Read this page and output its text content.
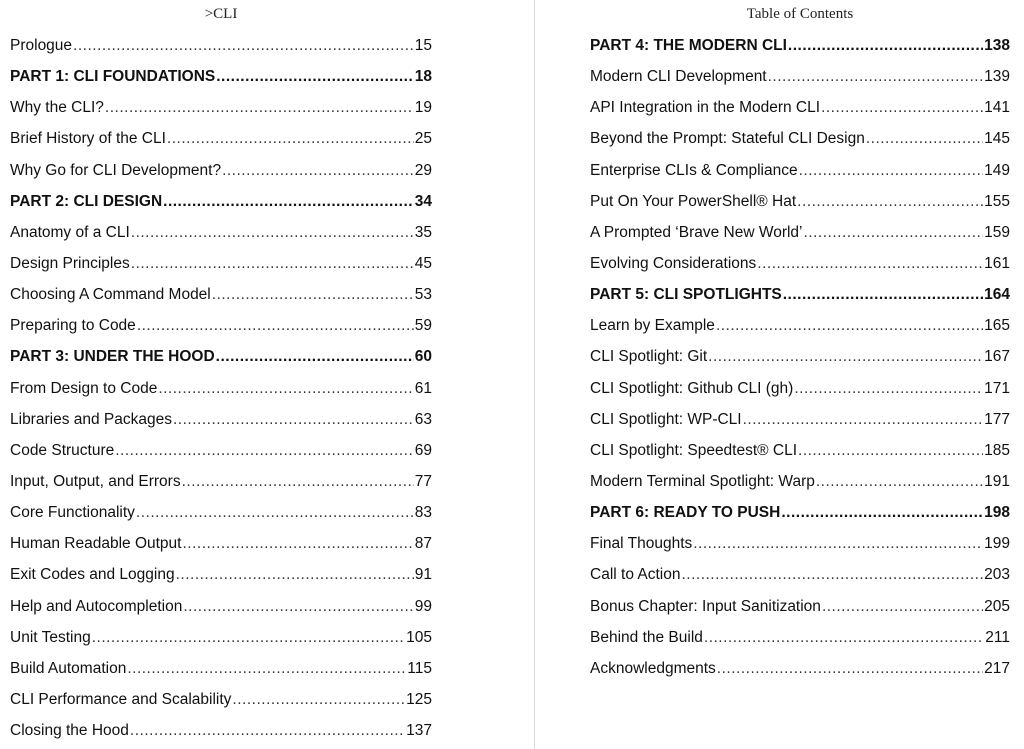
>CLI
Prologue .....	15
PART 1: CLI FOUNDATIONS .....	18
Why the CLI? .....	19
Brief History of the CLI .....	25
Why Go for CLI Development? .....	29
PART 2: CLI DESIGN .....	34
Anatomy of a CLI .....	35
Design Principles .....	45
Choosing A Command Model .....	53
Preparing to Code .....	59
PART 3: UNDER THE HOOD .....	60
From Design to Code .....	61
Libraries and Packages .....	63
Code Structure .....	69
Input, Output, and Errors .....	77
Core Functionality .....	83
Human Readable Output .....	87
Exit Codes and Logging .....	91
Help and Autocompletion .....	99
Unit Testing .....	105
Build Automation .....	115
CLI Performance and Scalability .....	125
Closing the Hood .....	137
Table of Contents
PART 4: THE MODERN CLI .....	138
Modern CLI Development .....	139
API Integration in the Modern CLI .....	141
Beyond the Prompt: Stateful CLI Design .....	145
Enterprise CLIs & Compliance .....	149
Put On Your PowerShell® Hat .....	155
A Prompted ‘Brave New World’ .....	159
Evolving Considerations .....	161
PART 5: CLI SPOTLIGHTS .....	164
Learn by Example .....	165
CLI Spotlight: Git .....	167
CLI Spotlight: Github CLI (gh) .....	171
CLI Spotlight: WP-CLI .....	177
CLI Spotlight: Speedtest® CLI .....	185
Modern Terminal Spotlight: Warp .....	191
PART 6: READY TO PUSH .....	198
Final Thoughts .....	199
Call to Action .....	203
Bonus Chapter: Input Sanitization .....	205
Behind the Build .....	211
Acknowledgments .....	217
